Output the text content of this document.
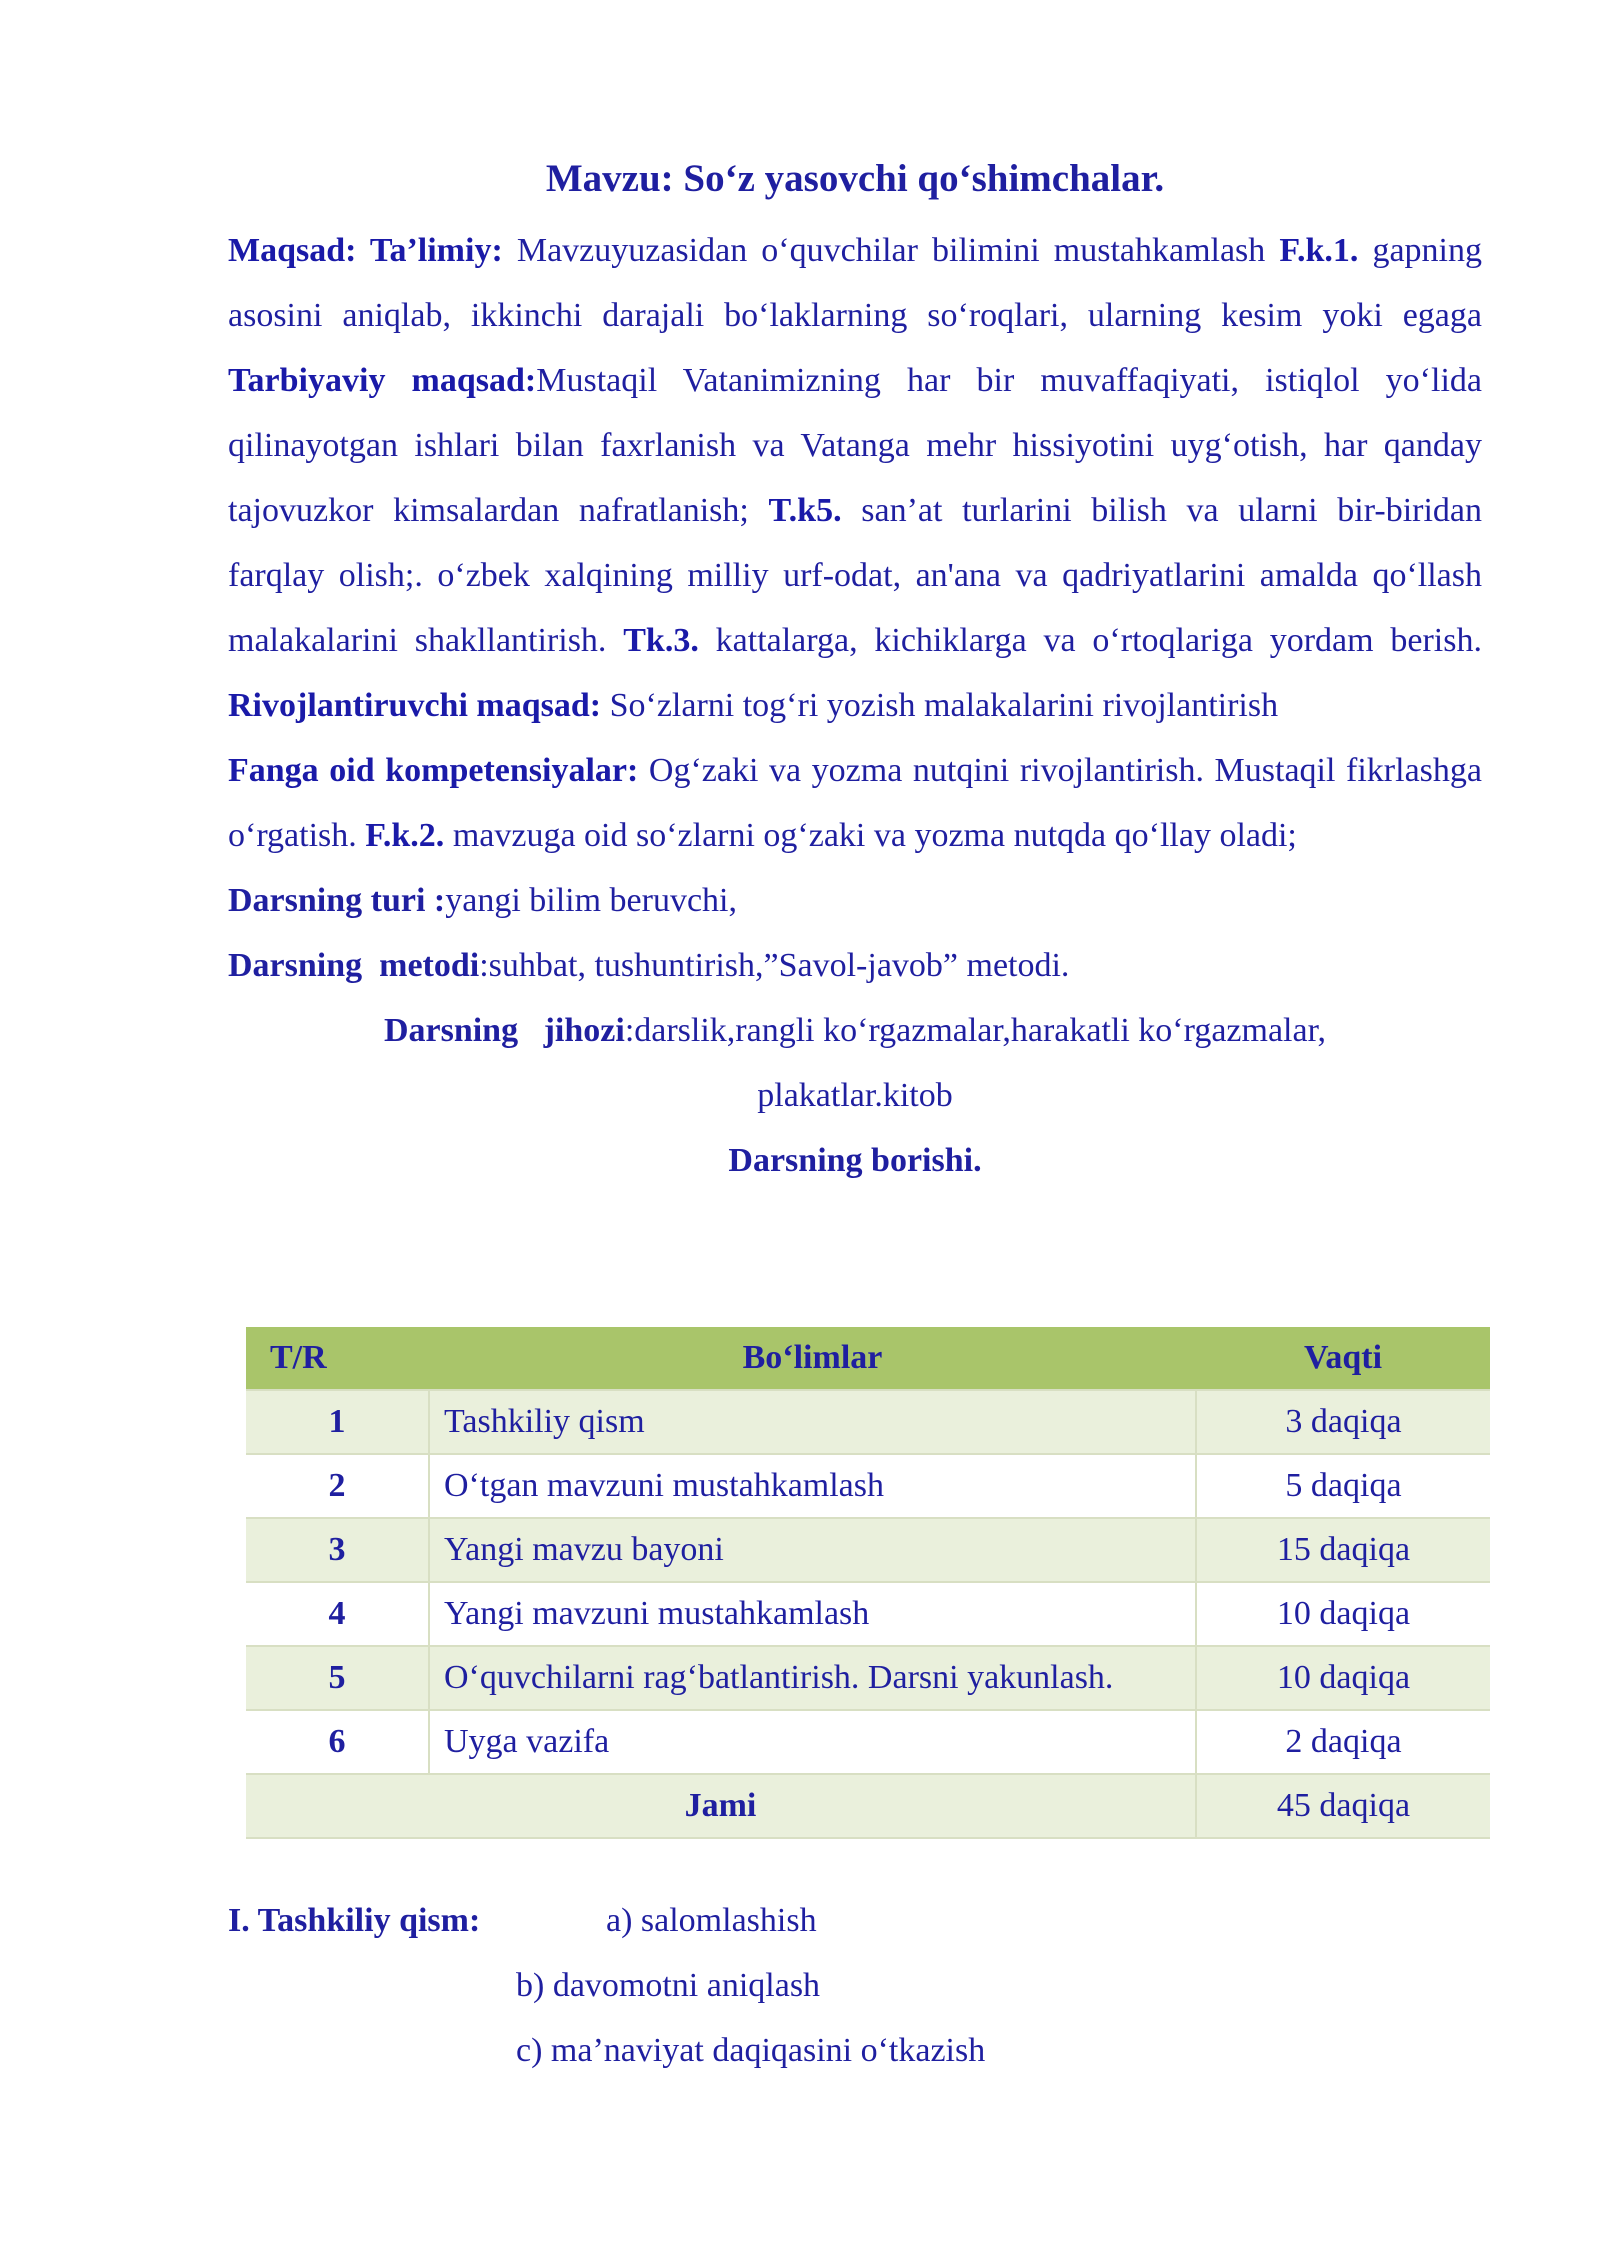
Mavzu: So‘z yasovchi qo‘shimchalar.

Maqsad: Ta’limiy: Mavzuyuzasidan o‘quvchilar bilimini mustahkamlash F.k.1. gapning asosini aniqlab, ikkinchi darajali bo‘laklarning so‘roqlari, ularning kesim yoki egaga Tarbiyaviy maqsad:Mustaqil Vatanimizning har bir muvaffaqiyati, istiqlol yo‘lida qilinayotgan ishlari bilan faxrlanish va Vatanga mehr hissiyotini uyg‘otish, har qanday tajovuzkor kimsalardan nafratlanish; T.k5. san’at turlarini bilish va ularni bir-biridan farqlay olish;. o‘zbek xalqining milliy urf-odat, an'ana va qadriyatlarini amalda qo‘llash malakalarini shakllantirish. Tk.3. kattalarga, kichiklarga va o‘rtoqlariga yordam berish. Rivojlantiruvchi maqsad: So‘zlarni tog‘ri yozish malakalarini rivojlantirish

Fanga oid kompetensiyalar: Og‘zaki va yozma nutqini rivojlantirish. Mustaqil fikrlashga o‘rgatish. F.k.2. mavzuga oid so‘zlarni og‘zaki va yozma nutqda qo‘llay oladi;

Darsning turi :yangi bilim beruvchi,

Darsning  metodi:suhbat, tushuntirish,”Savol-javob” metodi.

Darsning   jihozi:darslik,rangli ko‘rgazmalar,harakatli ko‘rgazmalar,
plakatlar.kitob

Darsning borishi.

T/R	Bo‘limlar	Vaqti
1	Tashkiliy qism	3 daqiqa
2	O‘tgan mavzuni mustahkamlash	5 daqiqa
3	Yangi mavzu bayoni	15 daqiqa
4	Yangi mavzuni mustahkamlash	10 daqiqa
5	O‘quvchilarni rag‘batlantirish. Darsni yakunlash.	10 daqiqa
6	Uyga vazifa	2 daqiqa
Jami		45 daqiqa
I. Tashkiliy qism:	a) salomlashish
b) davomotni aniqlash
c) ma’naviyat daqiqasini o‘tkazish
